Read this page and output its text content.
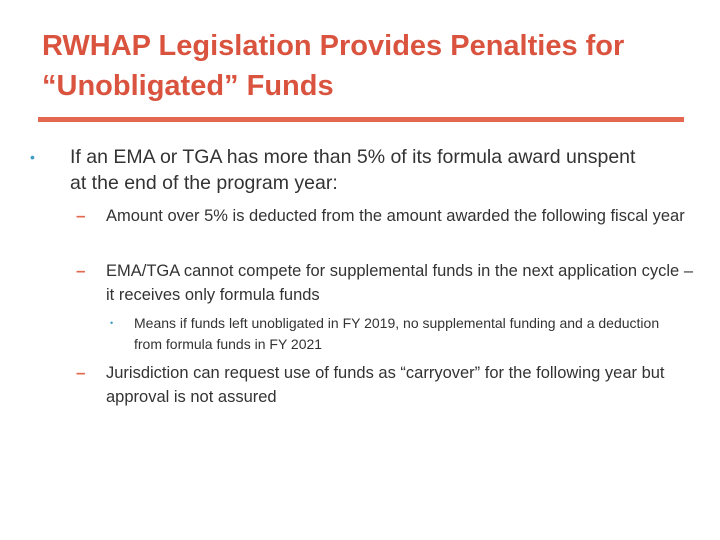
RWHAP Legislation Provides Penalties for “Unobligated” Funds
•	If an EMA or TGA has more than 5% of its formula award unspent at the end of the program year:
–	Amount over 5% is deducted from the amount awarded the following fiscal year
–	EMA/TGA cannot compete for supplemental funds in the next application cycle – it receives only formula funds
•	Means if funds left unobligated in FY 2019, no supplemental funding and a deduction from formula funds in FY 2021
–	Jurisdiction can request use of funds as “carryover” for the following year but approval is not assured
